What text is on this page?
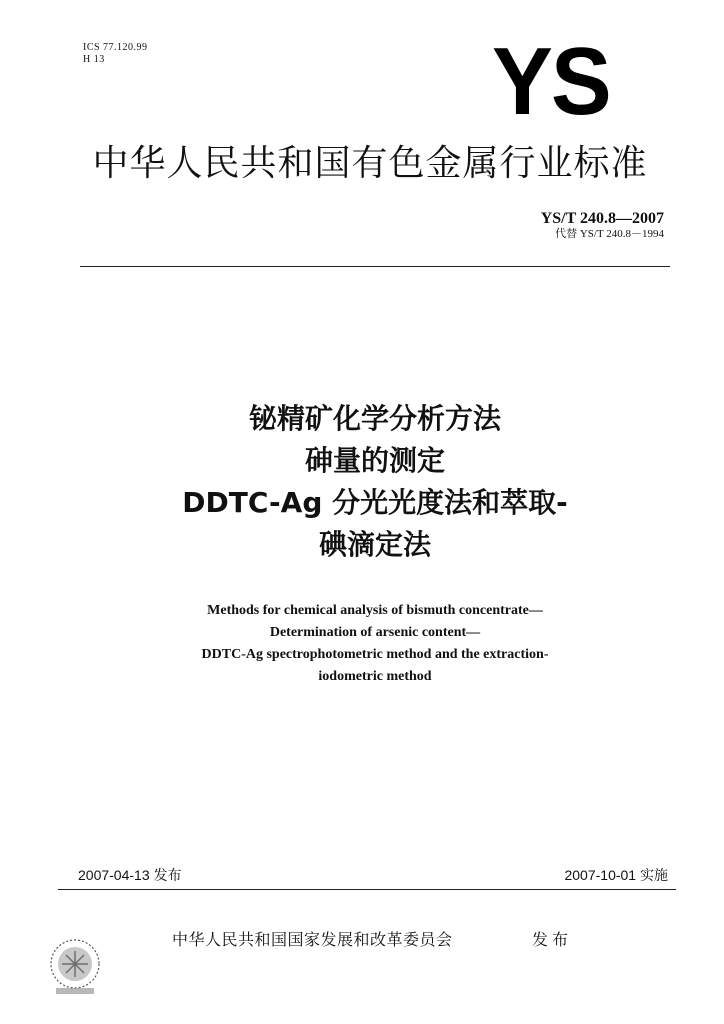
ICS 77.120.99
H 13	YS
中华人民共和国有色金属行业标准
YS/T 240.8—2007
代替 YS/T 240.8－1994
铋精矿化学分析方法
砷量的测定
DDTC-Ag 分光光度法和萃取-
碘滴定法
Methods for chemical analysis of bismuth concentrate—
Determination of arsenic content—
DDTC-Ag spectrophotometric method and the extraction-
iodometric method
2007-04-13 发布	2007-10-01 实施
中华人民共和国国家发展和改革委员会	发布
